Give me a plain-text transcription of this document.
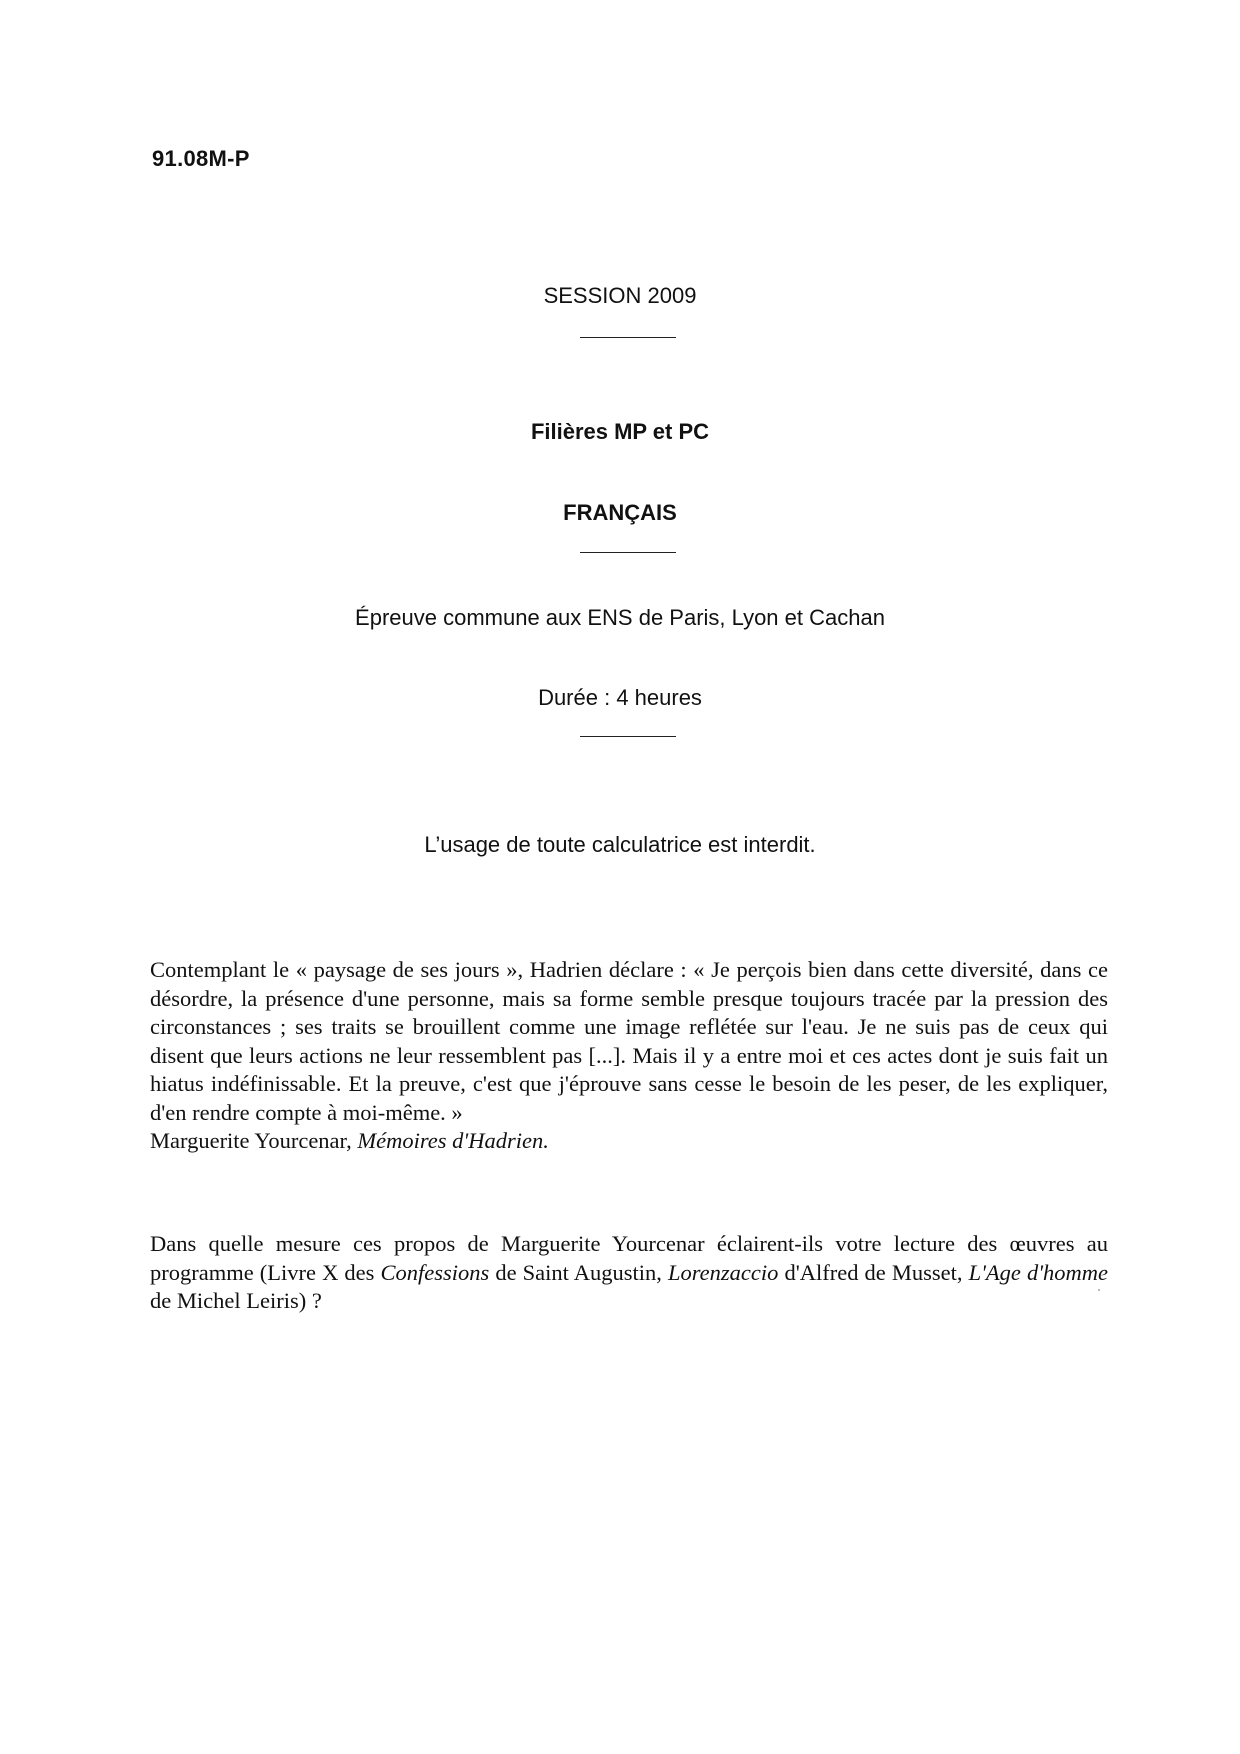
91.08M-P
SESSION 2009
Filières MP et PC
FRANÇAIS
Épreuve commune aux ENS de Paris, Lyon et Cachan
Durée : 4 heures
L’usage de toute calculatrice est interdit.

Contemplant le « paysage de ses jours », Hadrien déclare : « Je perçois bien dans cette diversité, dans ce désordre, la présence d'une personne, mais sa forme semble presque toujours tracée par la pression des circonstances ; ses traits se brouillent comme une image reflétée sur l'eau. Je ne suis pas de ceux qui disent que leurs actions ne leur ressemblent pas [...]. Mais il y a entre moi et ces actes dont je suis fait un hiatus indéfinissable. Et la preuve, c'est que j'éprouve sans cesse le besoin de les peser, de les expliquer, d'en rendre compte à moi-même. »
Marguerite Yourcenar, Mémoires d'Hadrien.

Dans quelle mesure ces propos de Marguerite Yourcenar éclairent-ils votre lecture des œuvres au programme (Livre X des Confessions de Saint Augustin, Lorenzaccio d'Alfred de Musset, L'Age d'homme de Michel Leiris) ?
